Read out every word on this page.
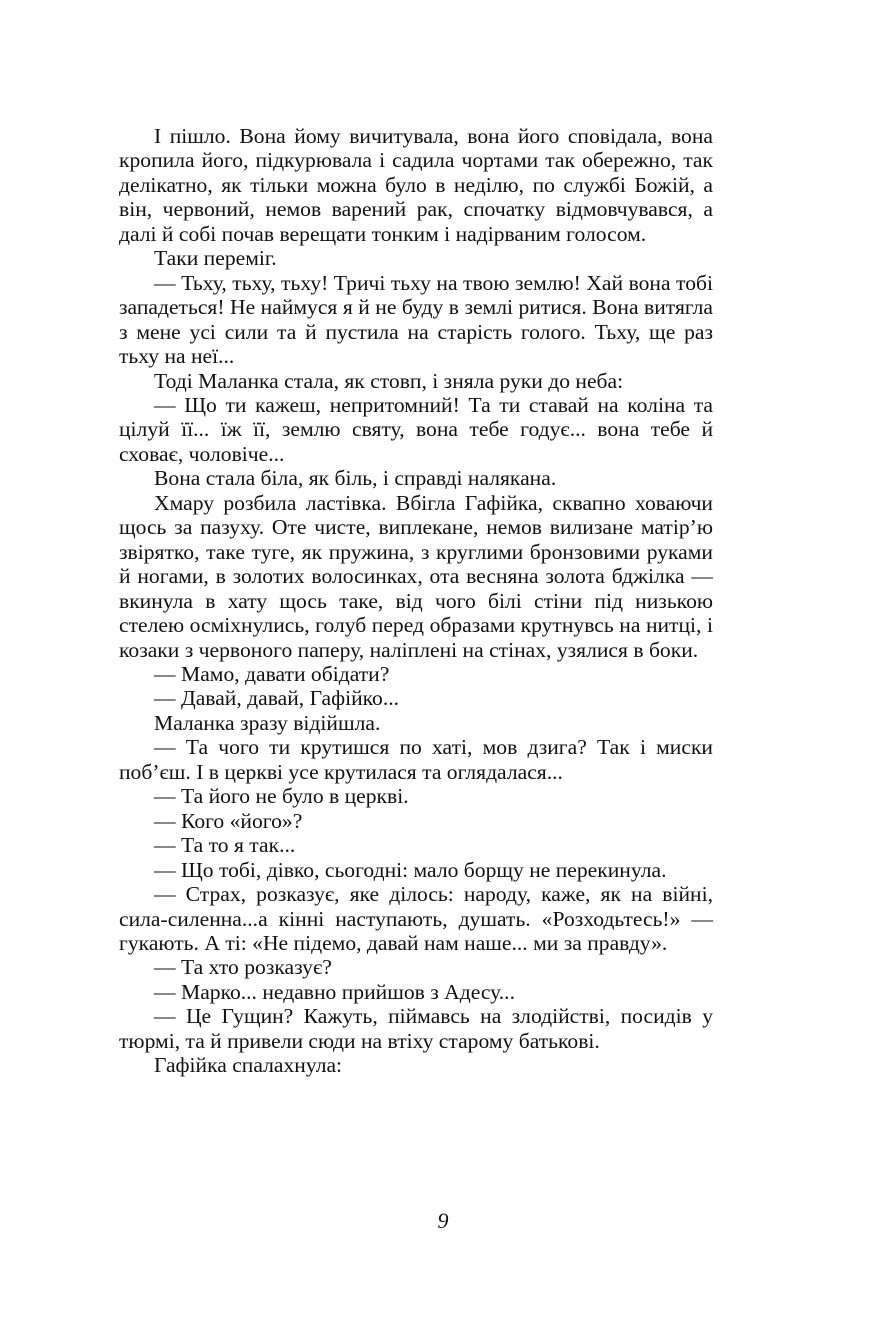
І пішло. Вона йому вичитувала, вона його сповідала, вона кропила його, підкурювала і садила чортами так обережно, так делікатно, як тільки можна було в неділю, по службі Божій, а він, червоний, немов варений рак, спочатку відмовчувався, а далі й собі почав верещати тонким і надірваним голосом.

Таки переміг.

— Тьху, тьху, тьху! Тричі тьху на твою землю! Хай вона тобі западеться! Не наймуся я й не буду в землі ритися. Вона витягла з мене усі сили та й пустила на старість голого. Тьху, ще раз тьху на неї...

Тоді Маланка стала, як стовп, і зняла руки до неба:

— Що ти кажеш, непритомний! Та ти ставай на коліна та цілуй її... їж її, землю святу, вона тебе годує... вона тебе й сховає, чоловіче...

Вона стала біла, як біль, і справді налякана.

Хмару розбила ластівка. Вбігла Гафійка, сквапно ховаючи щось за пазуху. Оте чисте, виплекане, немов вилизане матір’ю звірятко, таке туге, як пружина, з круглими бронзовими руками й ногами, в золотих волосинках, ота весняна золота бджілка — вкинула в хату щось таке, від чого білі стіни під низькою стелею осміхнулись, голуб перед образами крутнувсь на нитці, і козаки з червоного паперу, наліплені на стінах, узялися в боки.

— Мамо, давати обідати?

— Давай, давай, Гафійко...

Маланка зразу відійшла.

— Та чого ти крутишся по хаті, мов дзига? Так і миски поб’єш. І в церкві усе крутилася та оглядалася...

— Та його не було в церкві.

— Кого «його»?

— Та то я так...

— Що тобі, дівко, сьогодні: мало борщу не перекинула.

— Страх, розказує, яке ділось: народу, каже, як на війні, сила-силенна...а кінні наступають, душать. «Розходьтесь!» — гукають. А ті: «Не підемо, давай нам наше... ми за правду».

— Та хто розказує?

— Марко... недавно прийшов з Адесу...

— Це Гущин? Кажуть, піймавсь на злодійстві, посидів у тюрмі, та й привели сюди на втіху старому батькові.

Гафійка спалахнула:

9
